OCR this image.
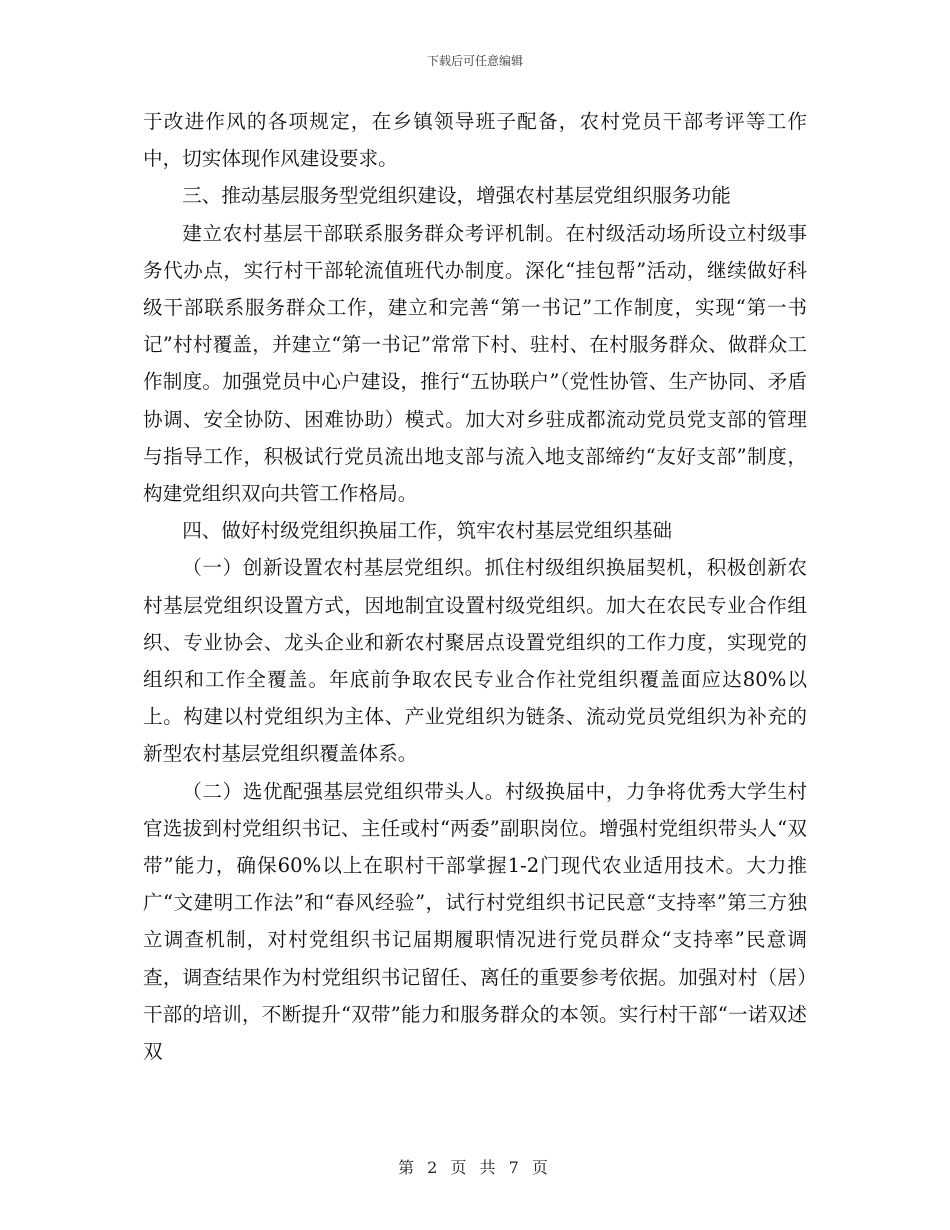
下载后可任意编辑

于改进作风的各项规定，在乡镇领导班子配备，农村党员干部考评等工作中，切实体现作风建设要求。

三、推动基层服务型党组织建设，增强农村基层党组织服务功能

建立农村基层干部联系服务群众考评机制。在村级活动场所设立村级事务代办点，实行村干部轮流值班代办制度。深化“挂包帮”活动，继续做好科级干部联系服务群众工作，建立和完善“第一书记”工作制度，实现“第一书记”村村覆盖，并建立“第一书记”常常下村、驻村、在村服务群众、做群众工作制度。加强党员中心户建设，推行“五协联户”（党性协管、生产协同、矛盾协调、安全协防、困难协助）模式。加大对乡驻成都流动党员党支部的管理与指导工作，积极试行党员流出地支部与流入地支部缔约“友好支部”制度，构建党组织双向共管工作格局。

四、做好村级党组织换届工作，筑牢农村基层党组织基础

（一）创新设置农村基层党组织。抓住村级组织换届契机，积极创新农村基层党组织设置方式，因地制宜设置村级党组织。加大在农民专业合作组织、专业协会、龙头企业和新农村聚居点设置党组织的工作力度，实现党的组织和工作全覆盖。年底前争取农民专业合作社党组织覆盖面应达80%以上。构建以村党组织为主体、产业党组织为链条、流动党员党组织为补充的新型农村基层党组织覆盖体系。

（二）选优配强基层党组织带头人。村级换届中，力争将优秀大学生村官选拔到村党组织书记、主任或村“两委”副职岗位。增强村党组织带头人“双带”能力，确保60%以上在职村干部掌握1-2门现代农业适用技术。大力推广“文建明工作法”和“春风经验”，试行村党组织书记民意“支持率”第三方独立调查机制，对村党组织书记届期履职情况进行党员群众“支持率”民意调查，调查结果作为村党组织书记留任、离任的重要参考依据。加强对村（居）干部的培训，不断提升“双带”能力和服务群众的本领。实行村干部“一诺双述双

第 2 页 共 7 页
